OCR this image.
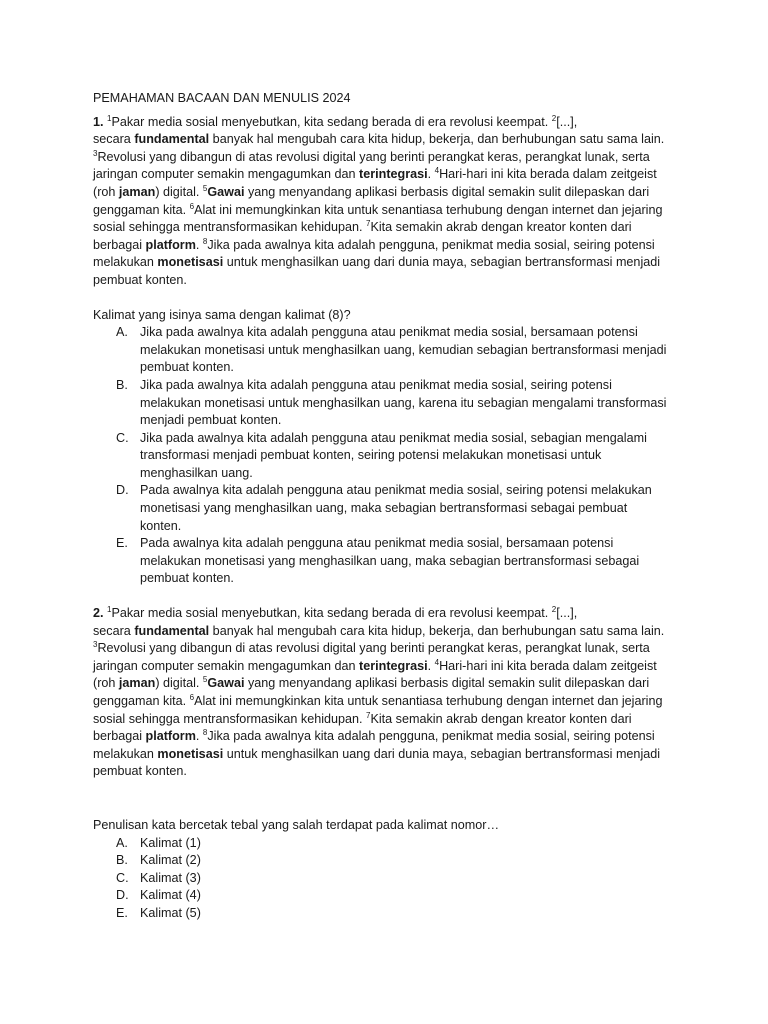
PEMAHAMAN BACAAN DAN MENULIS 2024

1. $^1$Pakar media sosial menyebutkan, kita sedang berada di era revolusi keempat. $^2$[...],
secara fundamental banyak hal mengubah cara kita hidup, bekerja, dan berhubungan satu sama lain. $^3$Revolusi yang dibangun di atas revolusi digital yang berinti perangkat keras, perangkat lunak, serta jaringan computer semakin mengagumkan dan terintegrasi. $^4$Hari-hari ini kita berada dalam zeitgeist (roh jaman) digital. $^5$Gawai yang menyandang aplikasi berbasis digital semakin sulit dilepaskan dari genggaman kita. $^6$Alat ini memungkinkan kita untuk senantiasa terhubung dengan internet dan jejaring sosial sehingga mentransformasikan kehidupan. $^7$Kita semakin akrab dengan kreator konten dari berbagai platform. $^8$Jika pada awalnya kita adalah pengguna, penikmat media sosial, seiring potensi melakukan monetisasi untuk menghasilkan uang dari dunia maya, sebagian bertransformasi menjadi pembuat konten.

Kalimat yang isinya sama dengan kalimat (8)?

A. Jika pada awalnya kita adalah pengguna atau penikmat media sosial, bersamaan potensi melakukan monetisasi untuk menghasilkan uang, kemudian sebagian bertransformasi menjadi pembuat konten.
B. Jika pada awalnya kita adalah pengguna atau penikmat media sosial, seiring potensi melakukan monetisasi untuk menghasilkan uang, karena itu sebagian mengalami transformasi menjadi pembuat konten.
C. Jika pada awalnya kita adalah pengguna atau penikmat media sosial, sebagian mengalami transformasi menjadi pembuat konten, seiring potensi melakukan monetisasi untuk menghasilkan uang.
D. Pada awalnya kita adalah pengguna atau penikmat media sosial, seiring potensi melakukan monetisasi yang menghasilkan uang, maka sebagian bertransformasi sebagai pembuat konten.
E. Pada awalnya kita adalah pengguna atau penikmat media sosial, bersamaan potensi melakukan monetisasi yang menghasilkan uang, maka sebagian bertransformasi sebagai pembuat konten.

2. $^1$Pakar media sosial menyebutkan, kita sedang berada di era revolusi keempat. $^2$[...],
secara fundamental banyak hal mengubah cara kita hidup, bekerja, dan berhubungan satu sama lain. $^3$Revolusi yang dibangun di atas revolusi digital yang berinti perangkat keras, perangkat lunak, serta jaringan computer semakin mengagumkan dan terintegrasi. $^4$Hari-hari ini kita berada dalam zeitgeist (roh jaman) digital. $^5$Gawai yang menyandang aplikasi berbasis digital semakin sulit dilepaskan dari genggaman kita. $^6$Alat ini memungkinkan kita untuk senantiasa terhubung dengan internet dan jejaring sosial sehingga mentransformasikan kehidupan. $^7$Kita semakin akrab dengan kreator konten dari berbagai platform. $^8$Jika pada awalnya kita adalah pengguna, penikmat media sosial, seiring potensi melakukan monetisasi untuk menghasilkan uang dari dunia maya, sebagian bertransformasi menjadi pembuat konten.

Penulisan kata bercetak tebal yang salah terdapat pada kalimat nomor…

A. Kalimat (1)
B. Kalimat (2)
C. Kalimat (3)
D. Kalimat (4)
E. Kalimat (5)
